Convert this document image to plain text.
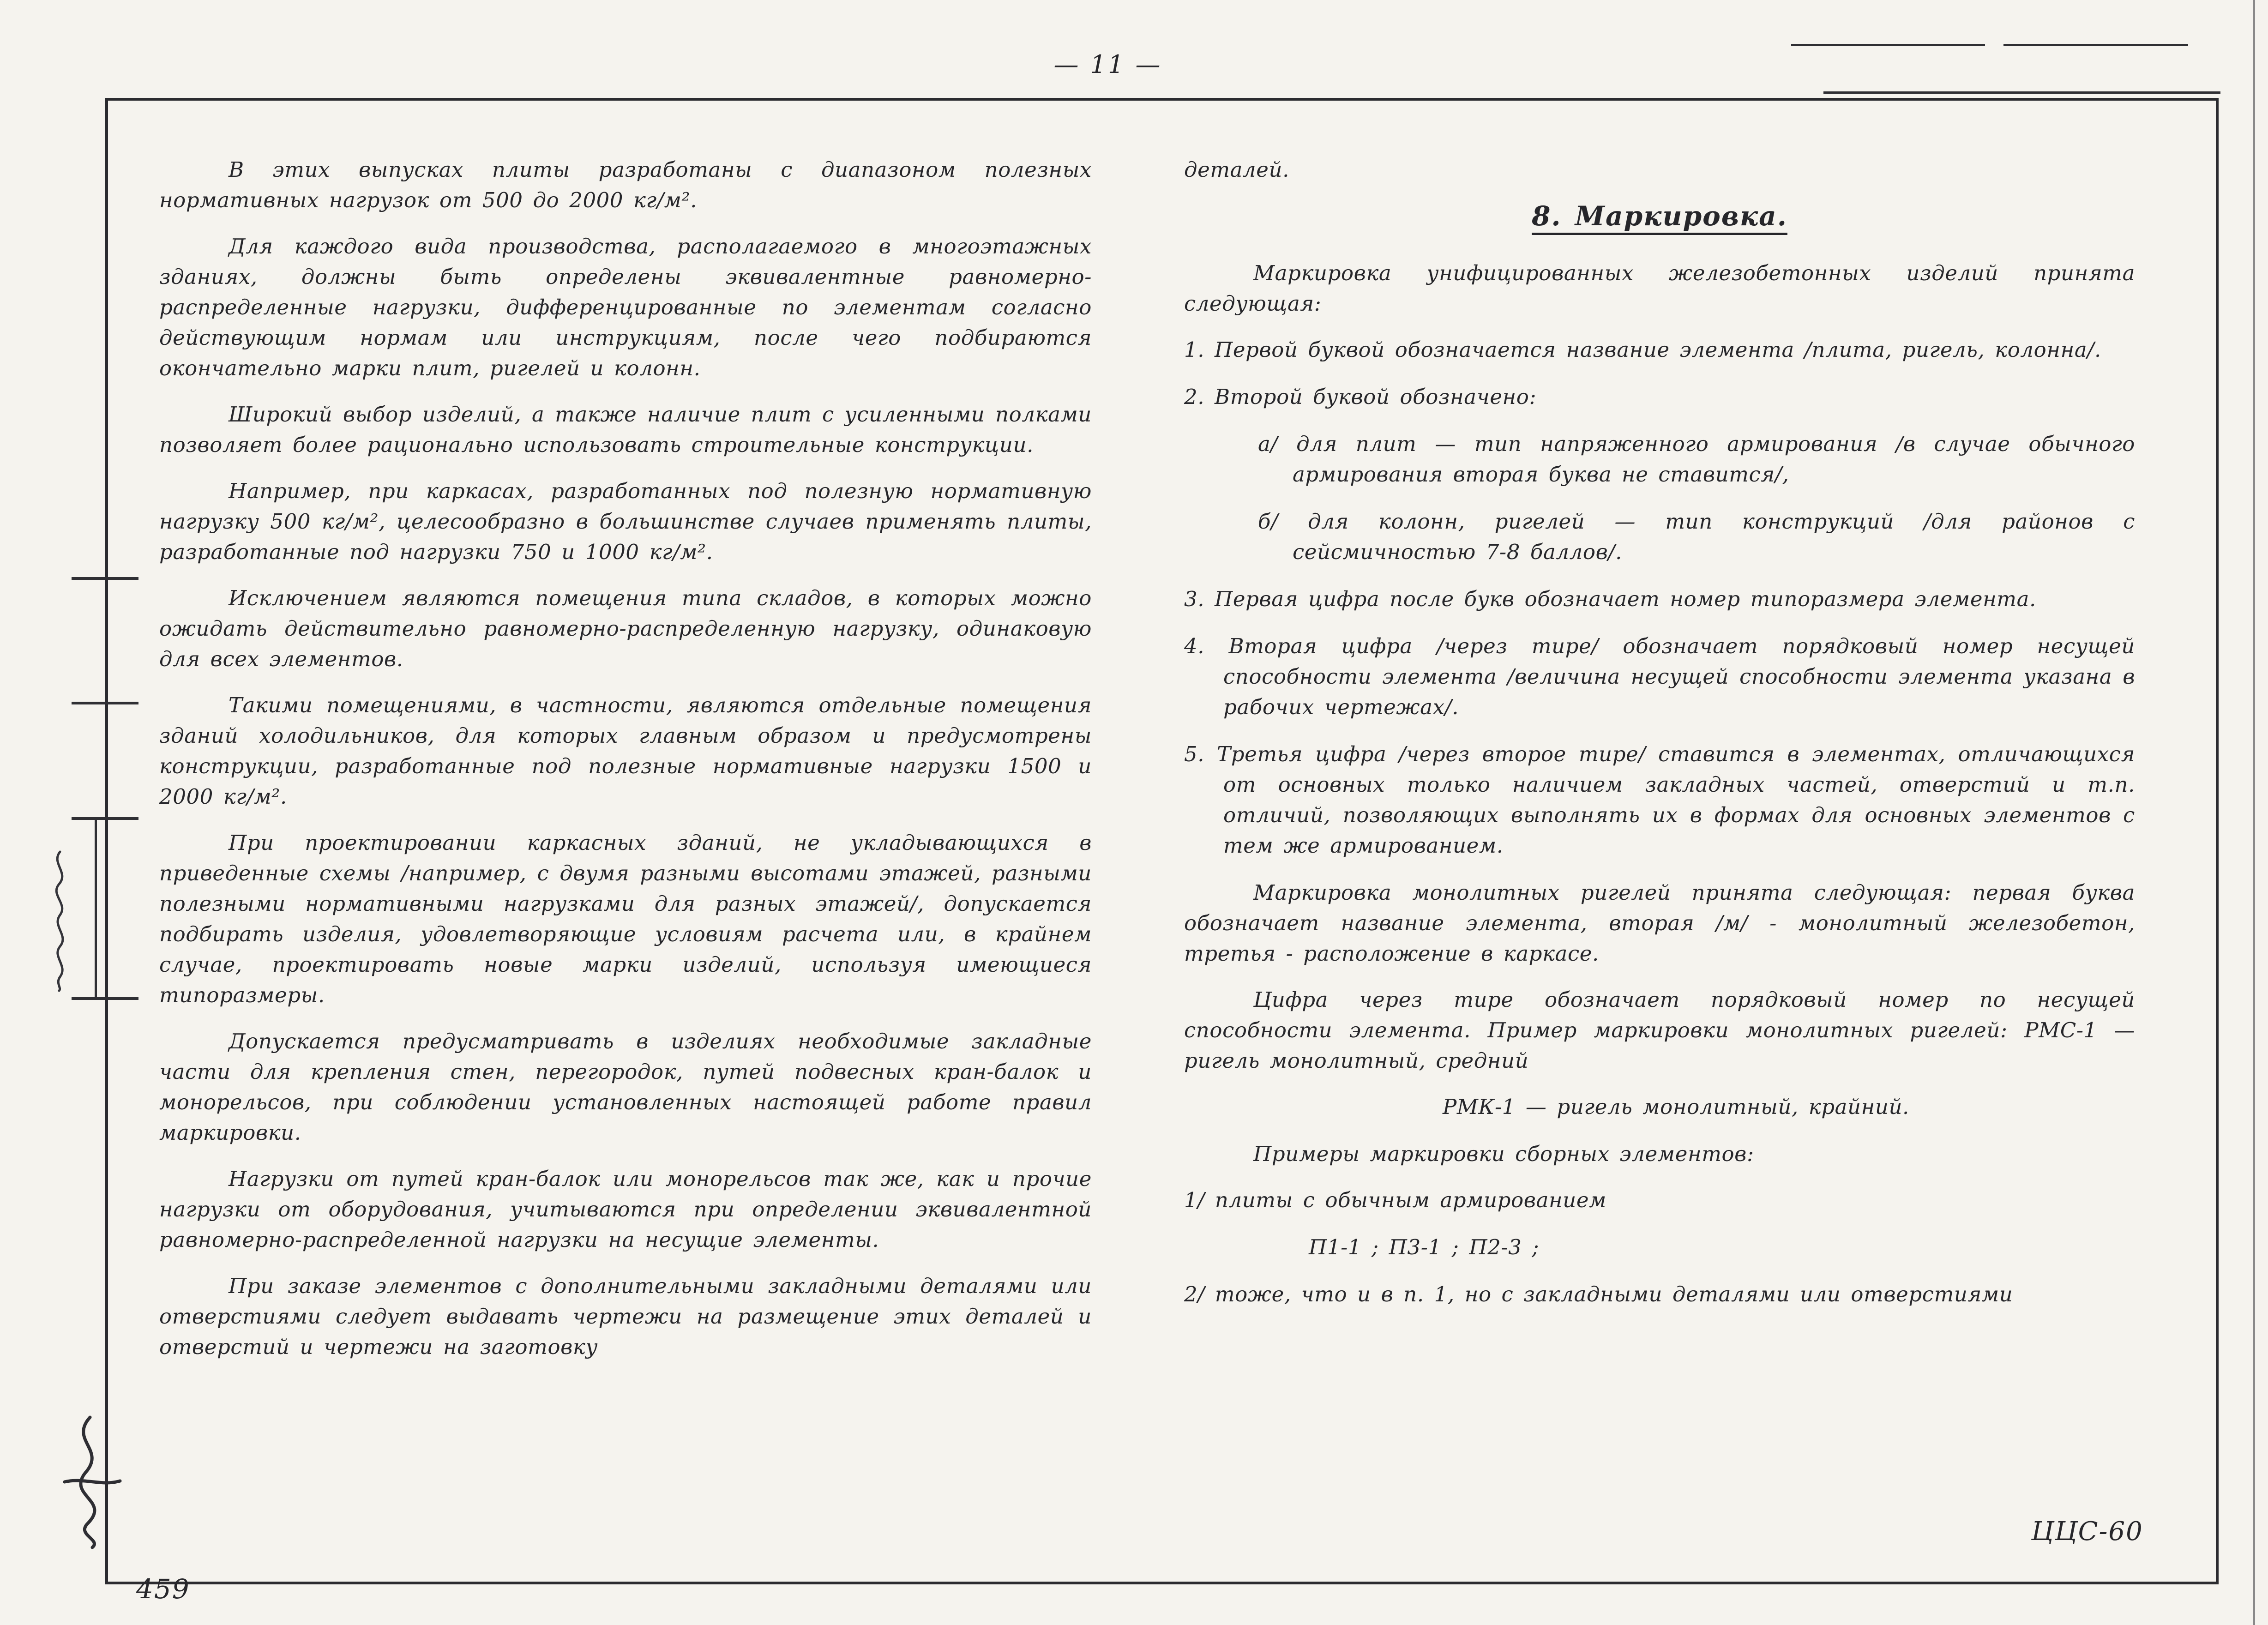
— 11 —

В этих выпусках плиты разработаны с диапазоном полезных нормативных нагрузок от 500 до 2000 кг/м².

Для каждого вида производства, располагаемого в многоэтажных зданиях, должны быть определены эквивалентные равномерно-распределенные нагрузки, дифференцированные по элементам согласно действующим нормам или инструкциям, после чего подбираются окончательно марки плит, ригелей и колонн.

Широкий выбор изделий, а также наличие плит с усиленными полками позволяет более рационально использовать строительные конструкции.

Например, при каркасах, разработанных под полезную нормативную нагрузку 500 кг/м², целесообразно в большинстве случаев применять плиты, разработанные под нагрузки 750 и 1000 кг/м².

Исключением являются помещения типа складов, в которых можно ожидать действительно равномерно-распределенную нагрузку, одинаковую для всех элементов.

Такими помещениями, в частности, являются отдельные помещения зданий холодильников, для которых главным образом и предусмотрены конструкции, разработанные под полезные нормативные нагрузки 1500 и 2000 кг/м².

При проектировании каркасных зданий, не укладывающихся в приведенные схемы /например, с двумя разными высотами этажей, разными полезными нормативными нагрузками для разных этажей/, допускается подбирать изделия, удовлетворяющие условиям расчета или, в крайнем случае, проектировать новые марки изделий, используя имеющиеся типоразмеры.

Допускается предусматривать в изделиях необходимые закладные части для крепления стен, перегородок, путей подвесных кран-балок и монорельсов, при соблюдении установленных настоящей работе правил маркировки.

Нагрузки от путей кран-балок или монорельсов так же, как и прочие нагрузки от оборудования, учитываются при определении эквивалентной равномерно-распределенной нагрузки на несущие элементы.

При заказе элементов с дополнительными закладными деталями или отверстиями следует выдавать чертежи на размещение этих деталей и отверстий и чертежи на заготовку

деталей.

8. Маркировка.

Маркировка унифицированных железобетонных изделий принята следующая:

1. Первой буквой обозначается название элемента /плита, ригель, колонна/.

2. Второй буквой обозначено:

а/ для плит — тип напряженного армирования /в случае обычного армирования вторая буква не ставится/,

б/ для колонн, ригелей — тип конструкций /для районов с сейсмичностью 7-8 баллов/.

3. Первая цифра после букв обозначает номер типоразмера элемента.

4. Вторая цифра /через тире/ обозначает порядковый номер несущей способности элемента /величина несущей способности элемента указана в рабочих чертежах/.

5. Третья цифра /через второе тире/ ставится в элементах, отличающихся от основных только наличием закладных частей, отверстий и т.п. отличий, позволяющих выполнять их в формах для основных элементов с тем же армированием.

Маркировка монолитных ригелей принята следующая: первая буква обозначает название элемента, вторая /м/ - монолитный железобетон, третья - расположение в каркасе.

Цифра через тире обозначает порядковый номер по несущей способности элемента. Пример маркировки монолитных ригелей: РМС-1 — ригель монолитный, средний

РМК-1 — ригель монолитный, крайний.

Примеры маркировки сборных элементов:

1/ плиты с обычным армированием

П1-1 ; П3-1 ; П2-3 ;

2/ тоже, что и в п. 1, но с закладными деталями или отверстиями

459
ЦЦС-60
